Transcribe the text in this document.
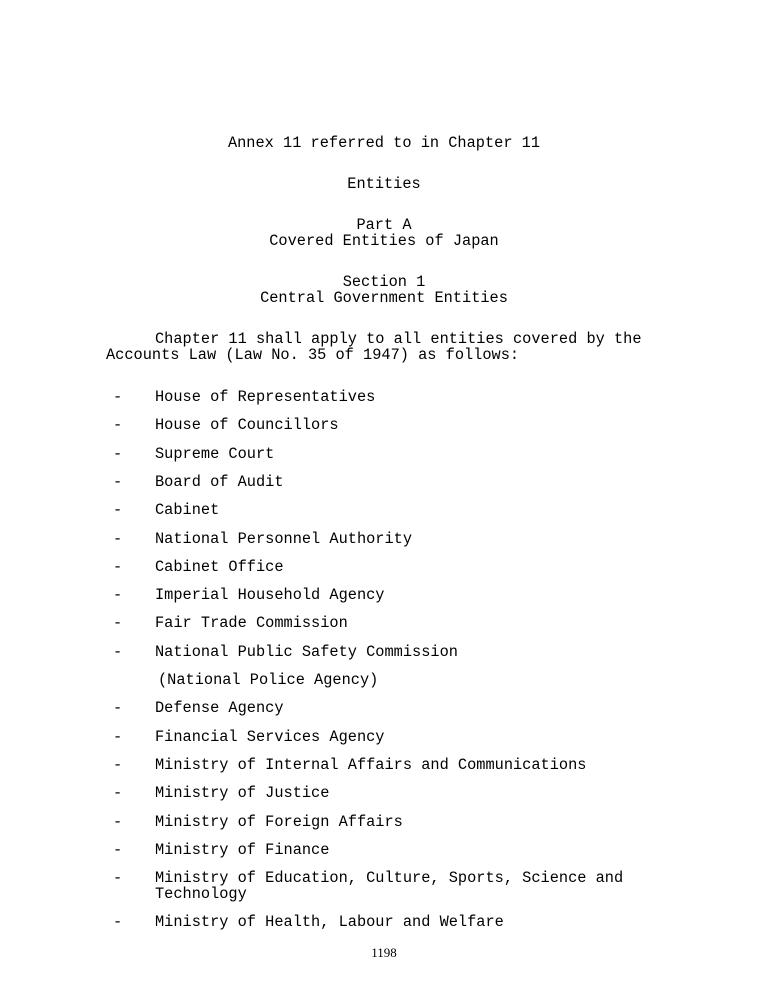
Annex 11 referred to in Chapter 11
Entities
Part A
Covered Entities of Japan
Section 1
Central Government Entities
Chapter 11 shall apply to all entities covered by the
Accounts Law (Law No. 35 of 1947) as follows:
- House of Representatives
- House of Councillors
- Supreme Court
- Board of Audit
- Cabinet
- National Personnel Authority
- Cabinet Office
- Imperial Household Agency
- Fair Trade Commission
- National Public Safety Commission
(National Police Agency)
- Defense Agency
- Financial Services Agency
- Ministry of Internal Affairs and Communications
- Ministry of Justice
- Ministry of Foreign Affairs
- Ministry of Finance
- Ministry of Education, Culture, Sports, Science and
Technology
- Ministry of Health, Labour and Welfare
1198
